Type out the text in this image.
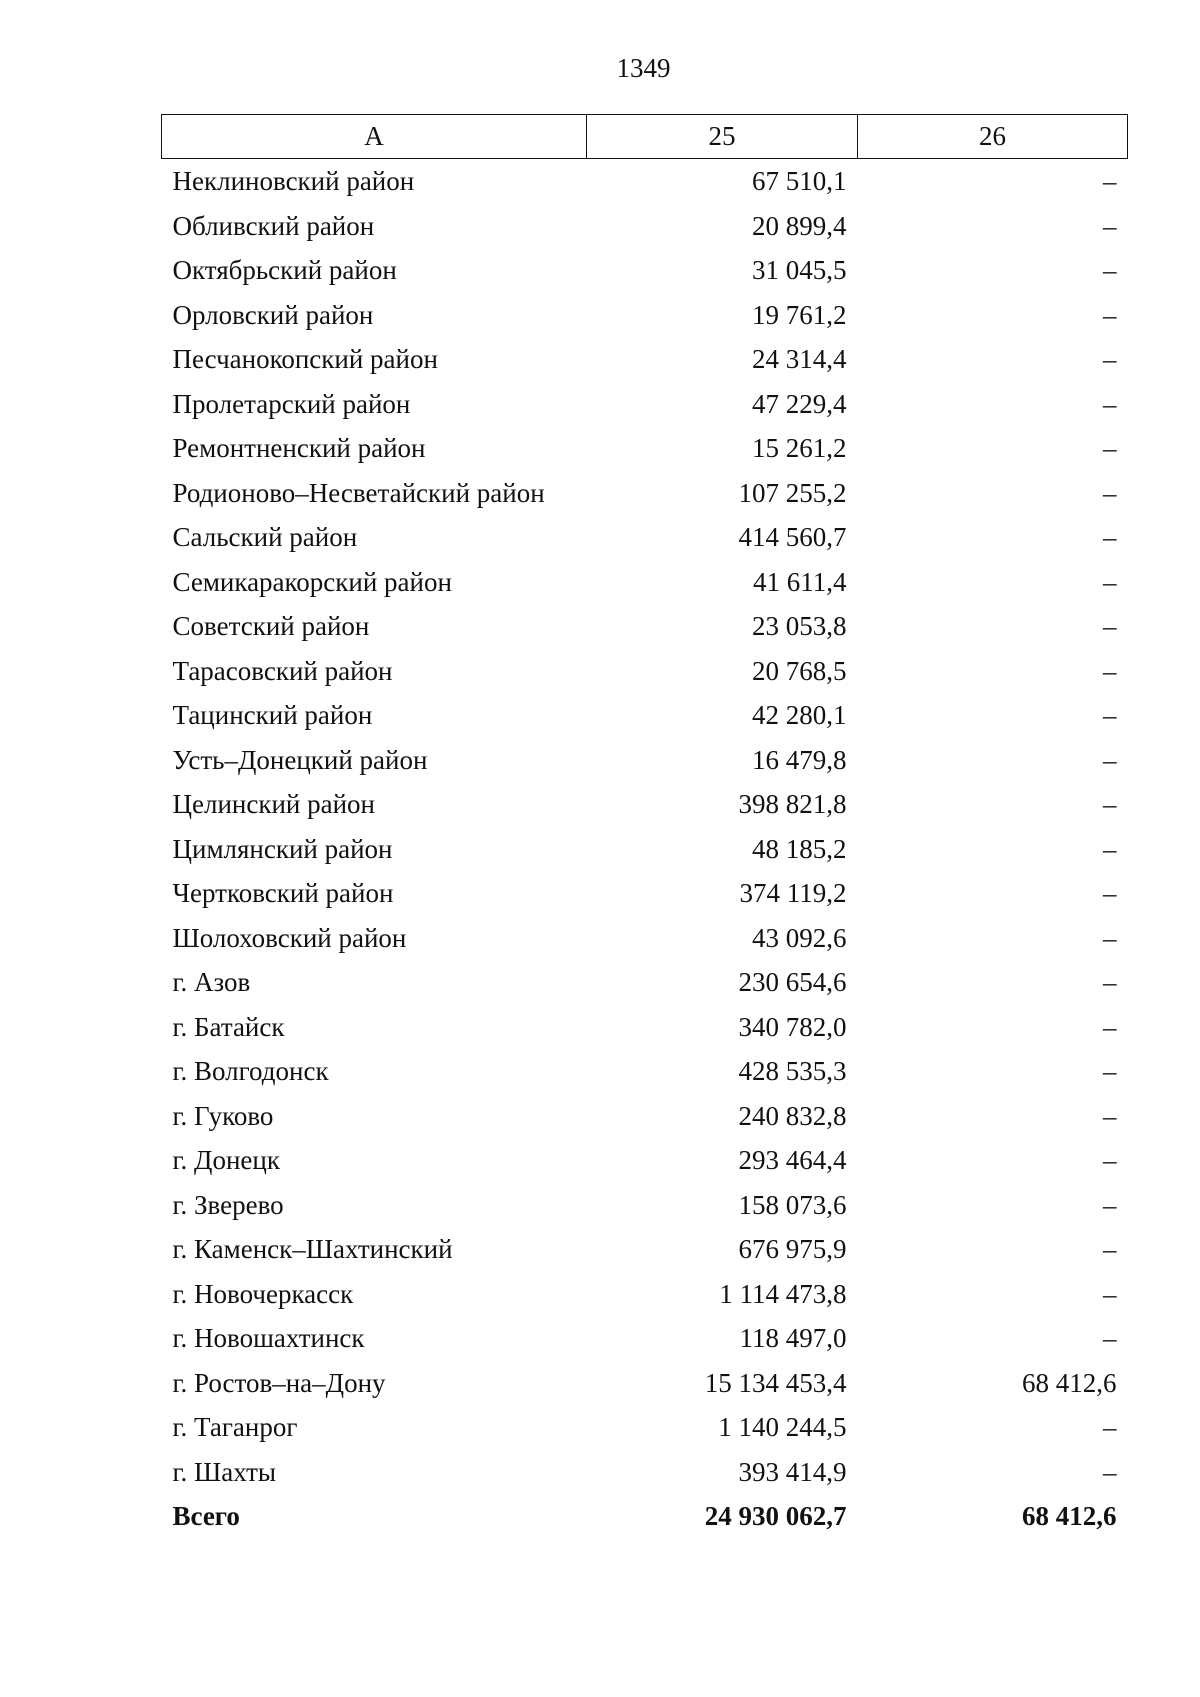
1349
А	25	26
Неклиновский район	67 510,1	–
Обливский район	20 899,4	–
Октябрьский район	31 045,5	–
Орловский район	19 761,2	–
Песчанокопский район	24 314,4	–
Пролетарский район	47 229,4	–
Ремонтненский район	15 261,2	–
Родионово–Несветайский район	107 255,2	–
Сальский район	414 560,7	–
Семикаракорский район	41 611,4	–
Советский район	23 053,8	–
Тарасовский район	20 768,5	–
Тацинский район	42 280,1	–
Усть–Донецкий район	16 479,8	–
Целинский район	398 821,8	–
Цимлянский район	48 185,2	–
Чертковский район	374 119,2	–
Шолоховский район	43 092,6	–
г. Азов	230 654,6	–
г. Батайск	340 782,0	–
г. Волгодонск	428 535,3	–
г. Гуково	240 832,8	–
г. Донецк	293 464,4	–
г. Зверево	158 073,6	–
г. Каменск–Шахтинский	676 975,9	–
г. Новочеркасск	1 114 473,8	–
г. Новошахтинск	118 497,0	–
г. Ростов–на–Дону	15 134 453,4	68 412,6
г. Таганрог	1 140 244,5	–
г. Шахты	393 414,9	–
Всего	24 930 062,7	68 412,6
